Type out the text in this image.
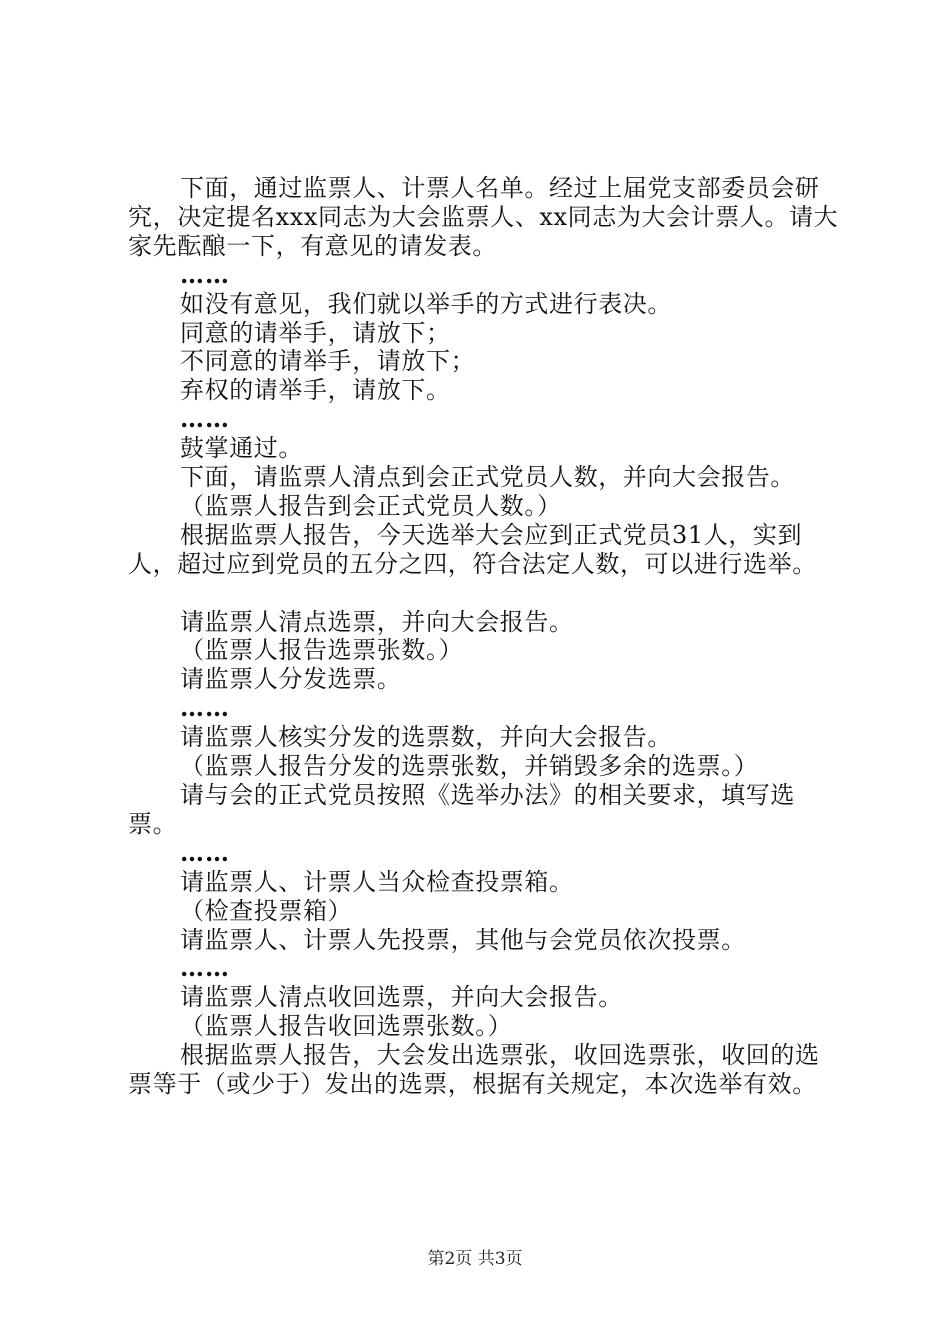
下面，通过监票人、计票人名单。经过上届党支部委员会研究，决定提名xxx同志为大会监票人、xx同志为大会计票人。请大家先酝酿一下，有意见的请发表。

……

如没有意见，我们就以举手的方式进行表决。

同意的请举手，请放下；

不同意的请举手，请放下；

弃权的请举手，请放下。

……

鼓掌通过。

下面，请监票人清点到会正式党员人数，并向大会报告。

（监票人报告到会正式党员人数。）

根据监票人报告，今天选举大会应到正式党员31人，实到人，超过应到党员的五分之四，符合法定人数，可以进行选举。

请监票人清点选票，并向大会报告。

（监票人报告选票张数。）

请监票人分发选票。

……

请监票人核实分发的选票数，并向大会报告。

（监票人报告分发的选票张数，并销毁多余的选票。）

请与会的正式党员按照《选举办法》的相关要求，填写选票。

……

请监票人、计票人当众检查投票箱。

（检查投票箱）

请监票人、计票人先投票，其他与会党员依次投票。

……

请监票人清点收回选票，并向大会报告。

（监票人报告收回选票张数。）

根据监票人报告，大会发出选票张，收回选票张，收回的选票等于（或少于）发出的选票，根据有关规定，本次选举有效。

第2页 共3页
